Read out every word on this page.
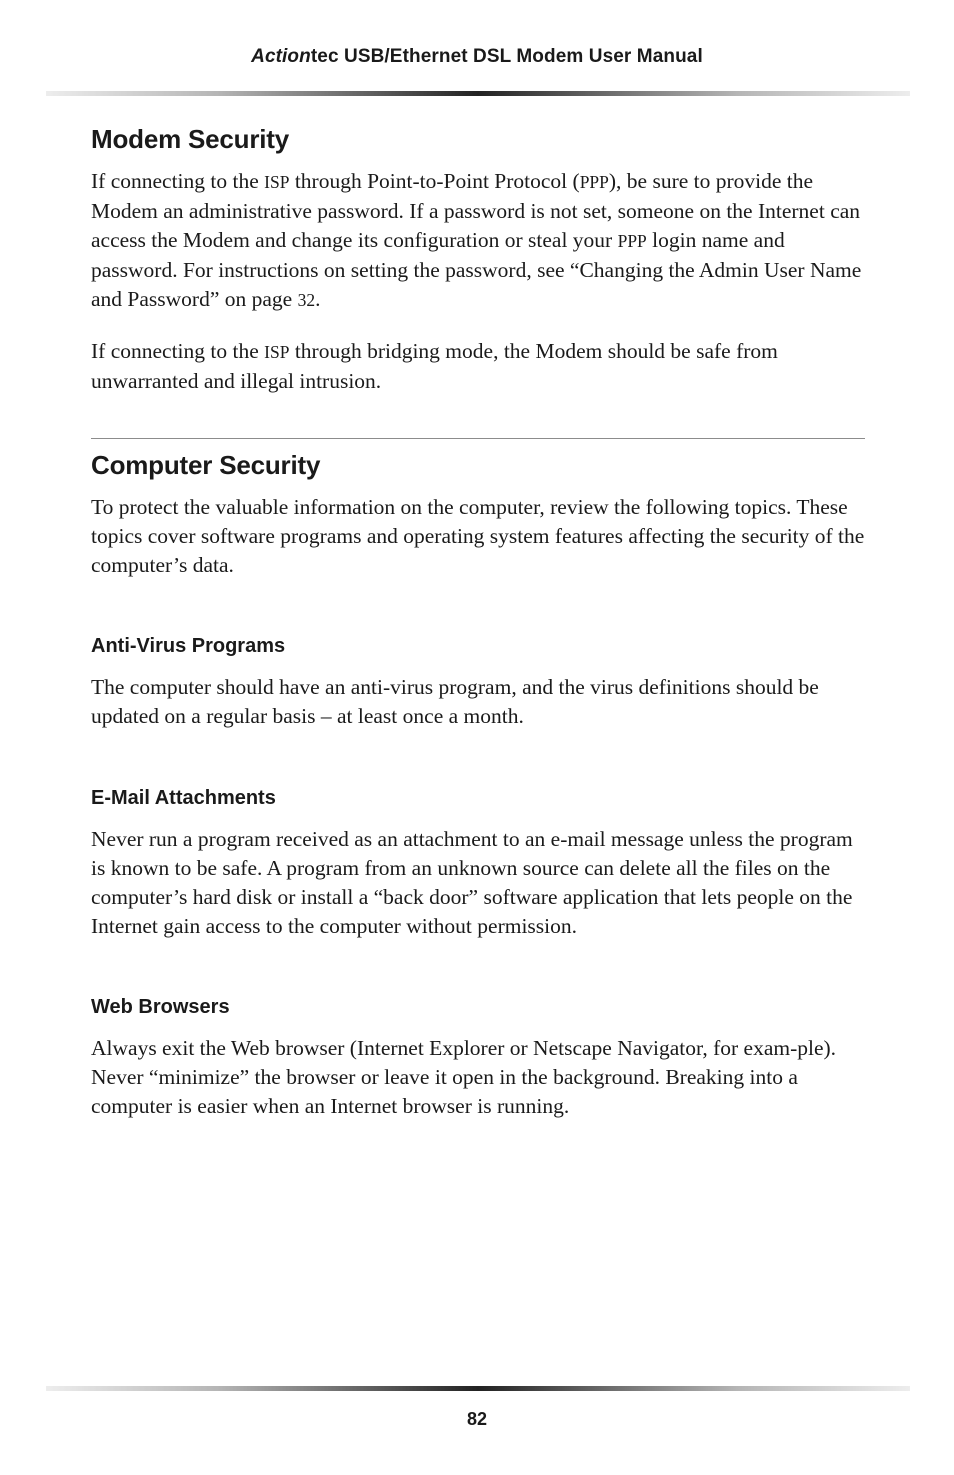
Actiontec USB/Ethernet DSL Modem User Manual
Modem Security

If connecting to the ISP through Point-to-Point Protocol (PPP), be sure to provide the Modem an administrative password. If a password is not set, someone on the Internet can access the Modem and change its configuration or steal your PPP login name and password. For instructions on setting the password, see “Changing the Admin User Name and Password” on page 32.

If connecting to the ISP through bridging mode, the Modem should be safe from unwarranted and illegal intrusion.

Computer Security

To protect the valuable information on the computer, review the following topics. These topics cover software programs and operating system features affecting the security of the computer’s data.

Anti-Virus Programs

The computer should have an anti-virus program, and the virus definitions should be updated on a regular basis – at least once a month.

E-Mail Attachments

Never run a program received as an attachment to an e-mail message unless the program is known to be safe. A program from an unknown source can delete all the files on the computer’s hard disk or install a “back door” software application that lets people on the Internet gain access to the computer without permission.

Web Browsers

Always exit the Web browser (Internet Explorer or Netscape Navigator, for exam-ple). Never “minimize” the browser or leave it open in the background. Breaking into a computer is easier when an Internet browser is running.

82
